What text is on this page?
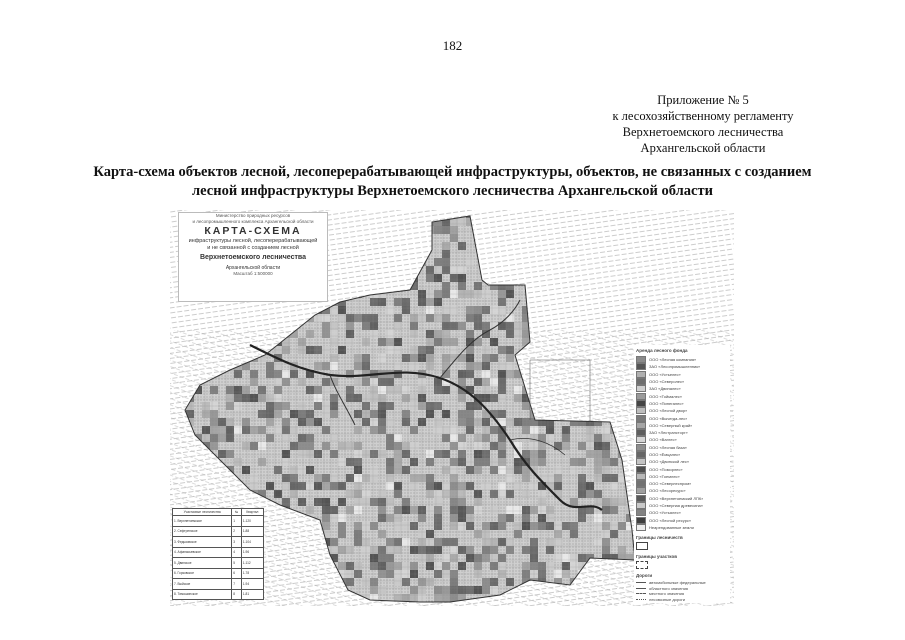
182
Приложение № 5
к лесохозяйственному регламенту
Верхнетоемского лесничества
Архангельской области
Карта-схема объектов лесной, лесоперерабатывающей инфраструктуры, объектов, не связанных с созданием
лесной инфраструктуры Верхнетоемского лесничества Архангельской области
Министерство природных ресурсов
и лесопромышленного комплекса Архангельской области
КАРТА-СХЕМА
инфраструктуры лесной, лесоперерабатывающей
и не связанной с созданием лесной
Верхнетоемского лесничества
Архангельской области
Масштаб 1:500000
Аренда лесного фонда
ООО «Лесная компания»
ЗАО «Лесопромышленник»
ООО «Устьелес»
ООО «Северолес»
ЗАО «Двиналес»
ООО «Тоймалес»
ООО «Пинегалес»
ООО «Лесной двор»
ООО «Вычегда-лес»
ООО «Северный край»
ЗАО «Лестрансторг»
ООО «Ваглес»
ООО «Лесная база»
ООО «Ёмцалес»
ООО «Двинской лес»
ООО «Поморлес»
ООО «Тоемлес»
ООО «Северлеспром»
ООО «Лесоресурс»
ООО «Верхнетоемский ЛПК»
ООО «Северная древесина»
ООО «Устьялес»
ООО «Лесной ресурс»
Неарендованные земли
Границы лесничеств
Границы участков
Дороги
автомобильные федеральные
областного значения
местного значения
лесовозные дороги
Участковые лесничества	№	Квартал
1. Верхнетоемское	1	1-120
2. Сефтренское	2	1-88
3. Федьковское	3	1-104
4. Афанасьевское	4	1-96
5. Двинское	5	1-112
6. Горковское	6	1-78
7. Выйское	7	1-94
8. Тимошинское	8	1-81
